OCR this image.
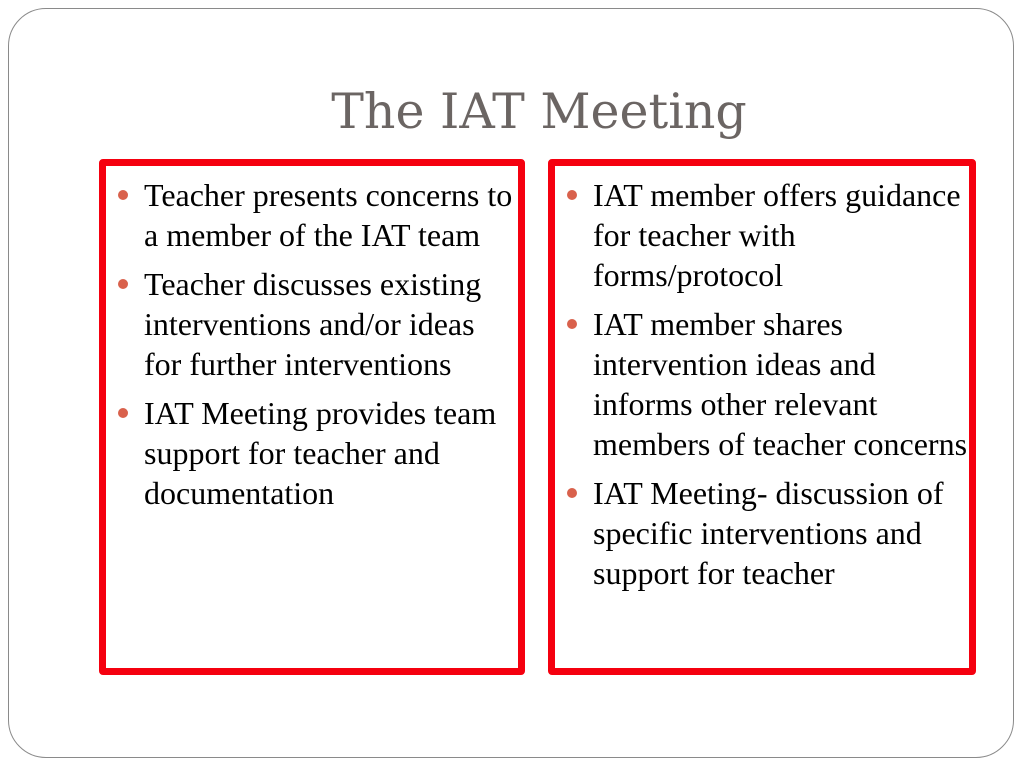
The IAT Meeting
Teacher presents concerns to a member of the IAT team
Teacher discusses existing interventions and/or ideas for further interventions
IAT Meeting provides team support for teacher and documentation
IAT member offers guidance for teacher with forms/protocol
IAT member shares intervention ideas and informs other relevant members of teacher concerns
IAT Meeting- discussion of specific interventions and support for teacher
